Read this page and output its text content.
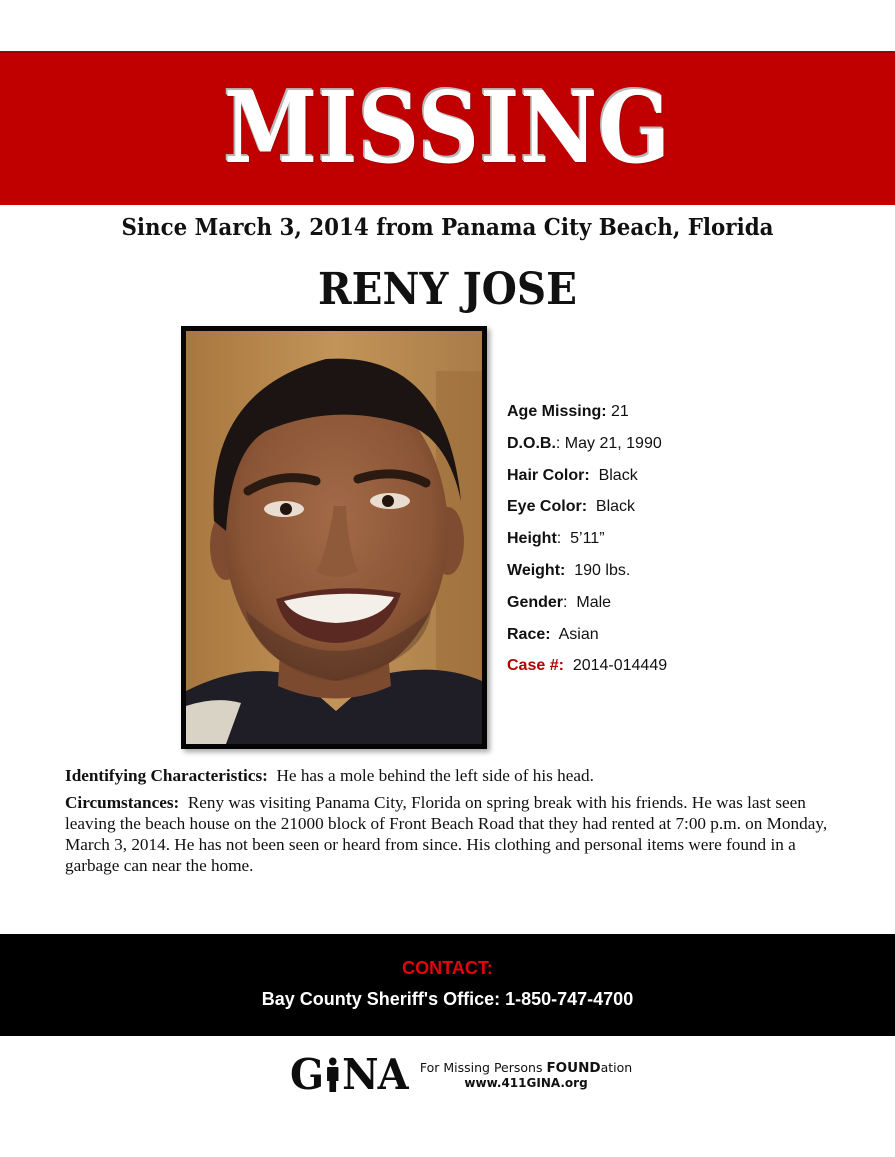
MISSING
Since March 3, 2014 from Panama City Beach, Florida
RENY JOSE
Age Missing: 21
D.O.B.: May 21, 1990
Hair Color:  Black
Eye Color:  Black
Height:  5’11”
Weight:  190 lbs.
Gender:  Male
Race:  Asian
Case #:  2014-014449

Identifying Characteristics:  He has a mole behind the left side of his head.

Circumstances:  Reny was visiting Panama City, Florida on spring break with his friends. He was last seen leaving the beach house on the 21000 block of Front Beach Road that they had rented at 7:00 p.m. on Monday, March 3, 2014. He has not been seen or heard from since. His clothing and personal items were found in a garbage can near the home.

CONTACT:
Bay County Sheriff's Office: 1-850-747-4700
G NA For Missing Persons FOUNDation
www.411GINA.org
